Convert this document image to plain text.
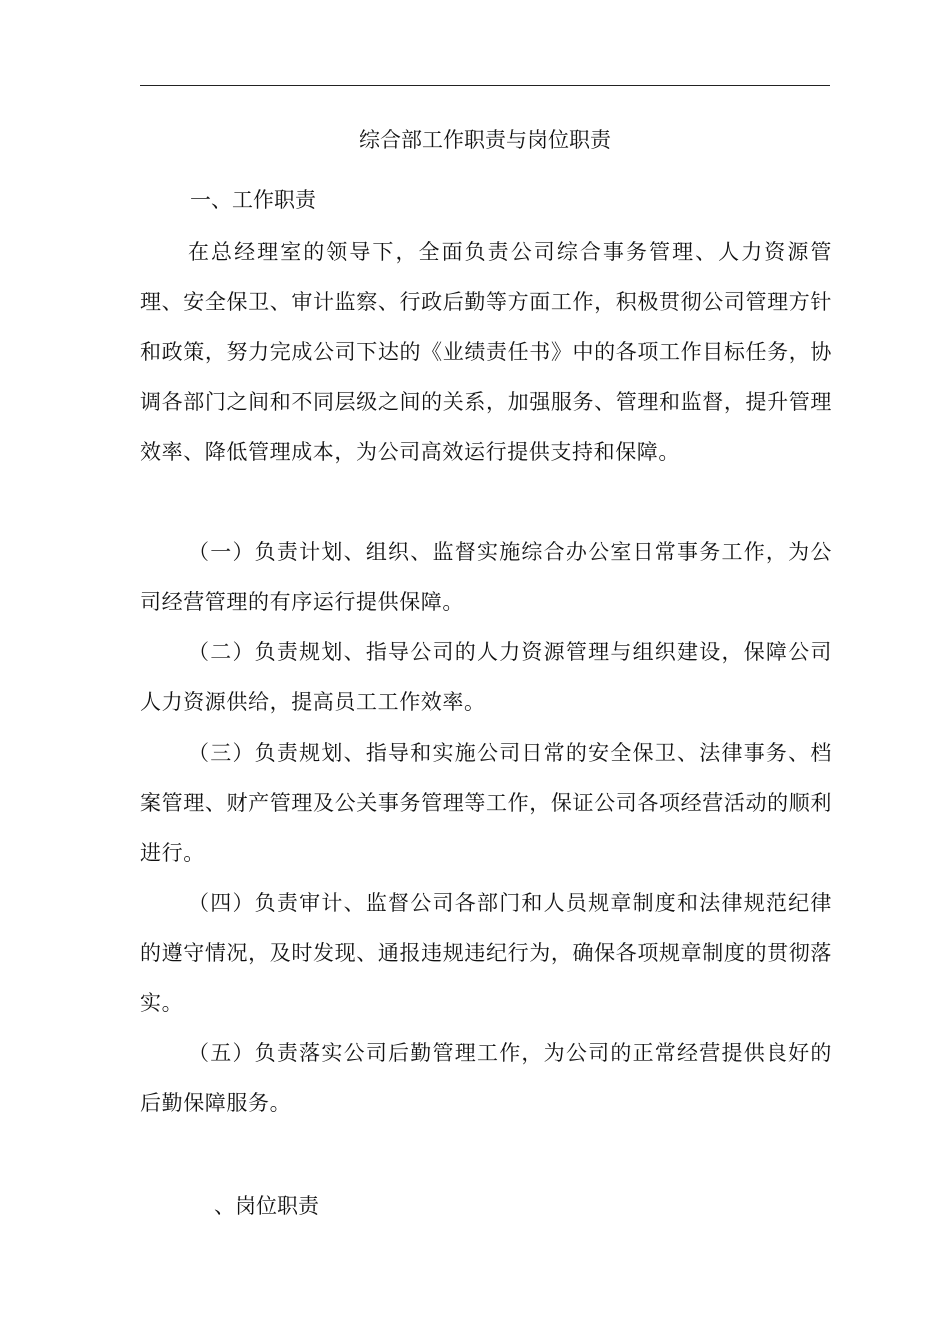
综合部工作职责与岗位职责
一、工作职责

在总经理室的领导下，全面负责公司综合事务管理、人力资源管理、安全保卫、审计监察、行政后勤等方面工作，积极贯彻公司管理方针和政策，努力完成公司下达的《业绩责任书》中的各项工作目标任务，协调各部门之间和不同层级之间的关系，加强服务、管理和监督，提升管理效率、降低管理成本，为公司高效运行提供支持和保障。

（一）负责计划、组织、监督实施综合办公室日常事务工作，为公司经营管理的有序运行提供保障。

（二）负责规划、指导公司的人力资源管理与组织建设，保障公司人力资源供给，提高员工工作效率。

（三）负责规划、指导和实施公司日常的安全保卫、法律事务、档案管理、财产管理及公关事务管理等工作，保证公司各项经营活动的顺利进行。

（四）负责审计、监督公司各部门和人员规章制度和法律规范纪律的遵守情况，及时发现、通报违规违纪行为，确保各项规章制度的贯彻落实。

（五）负责落实公司后勤管理工作，为公司的正常经营提供良好的后勤保障服务。

、岗位职责
